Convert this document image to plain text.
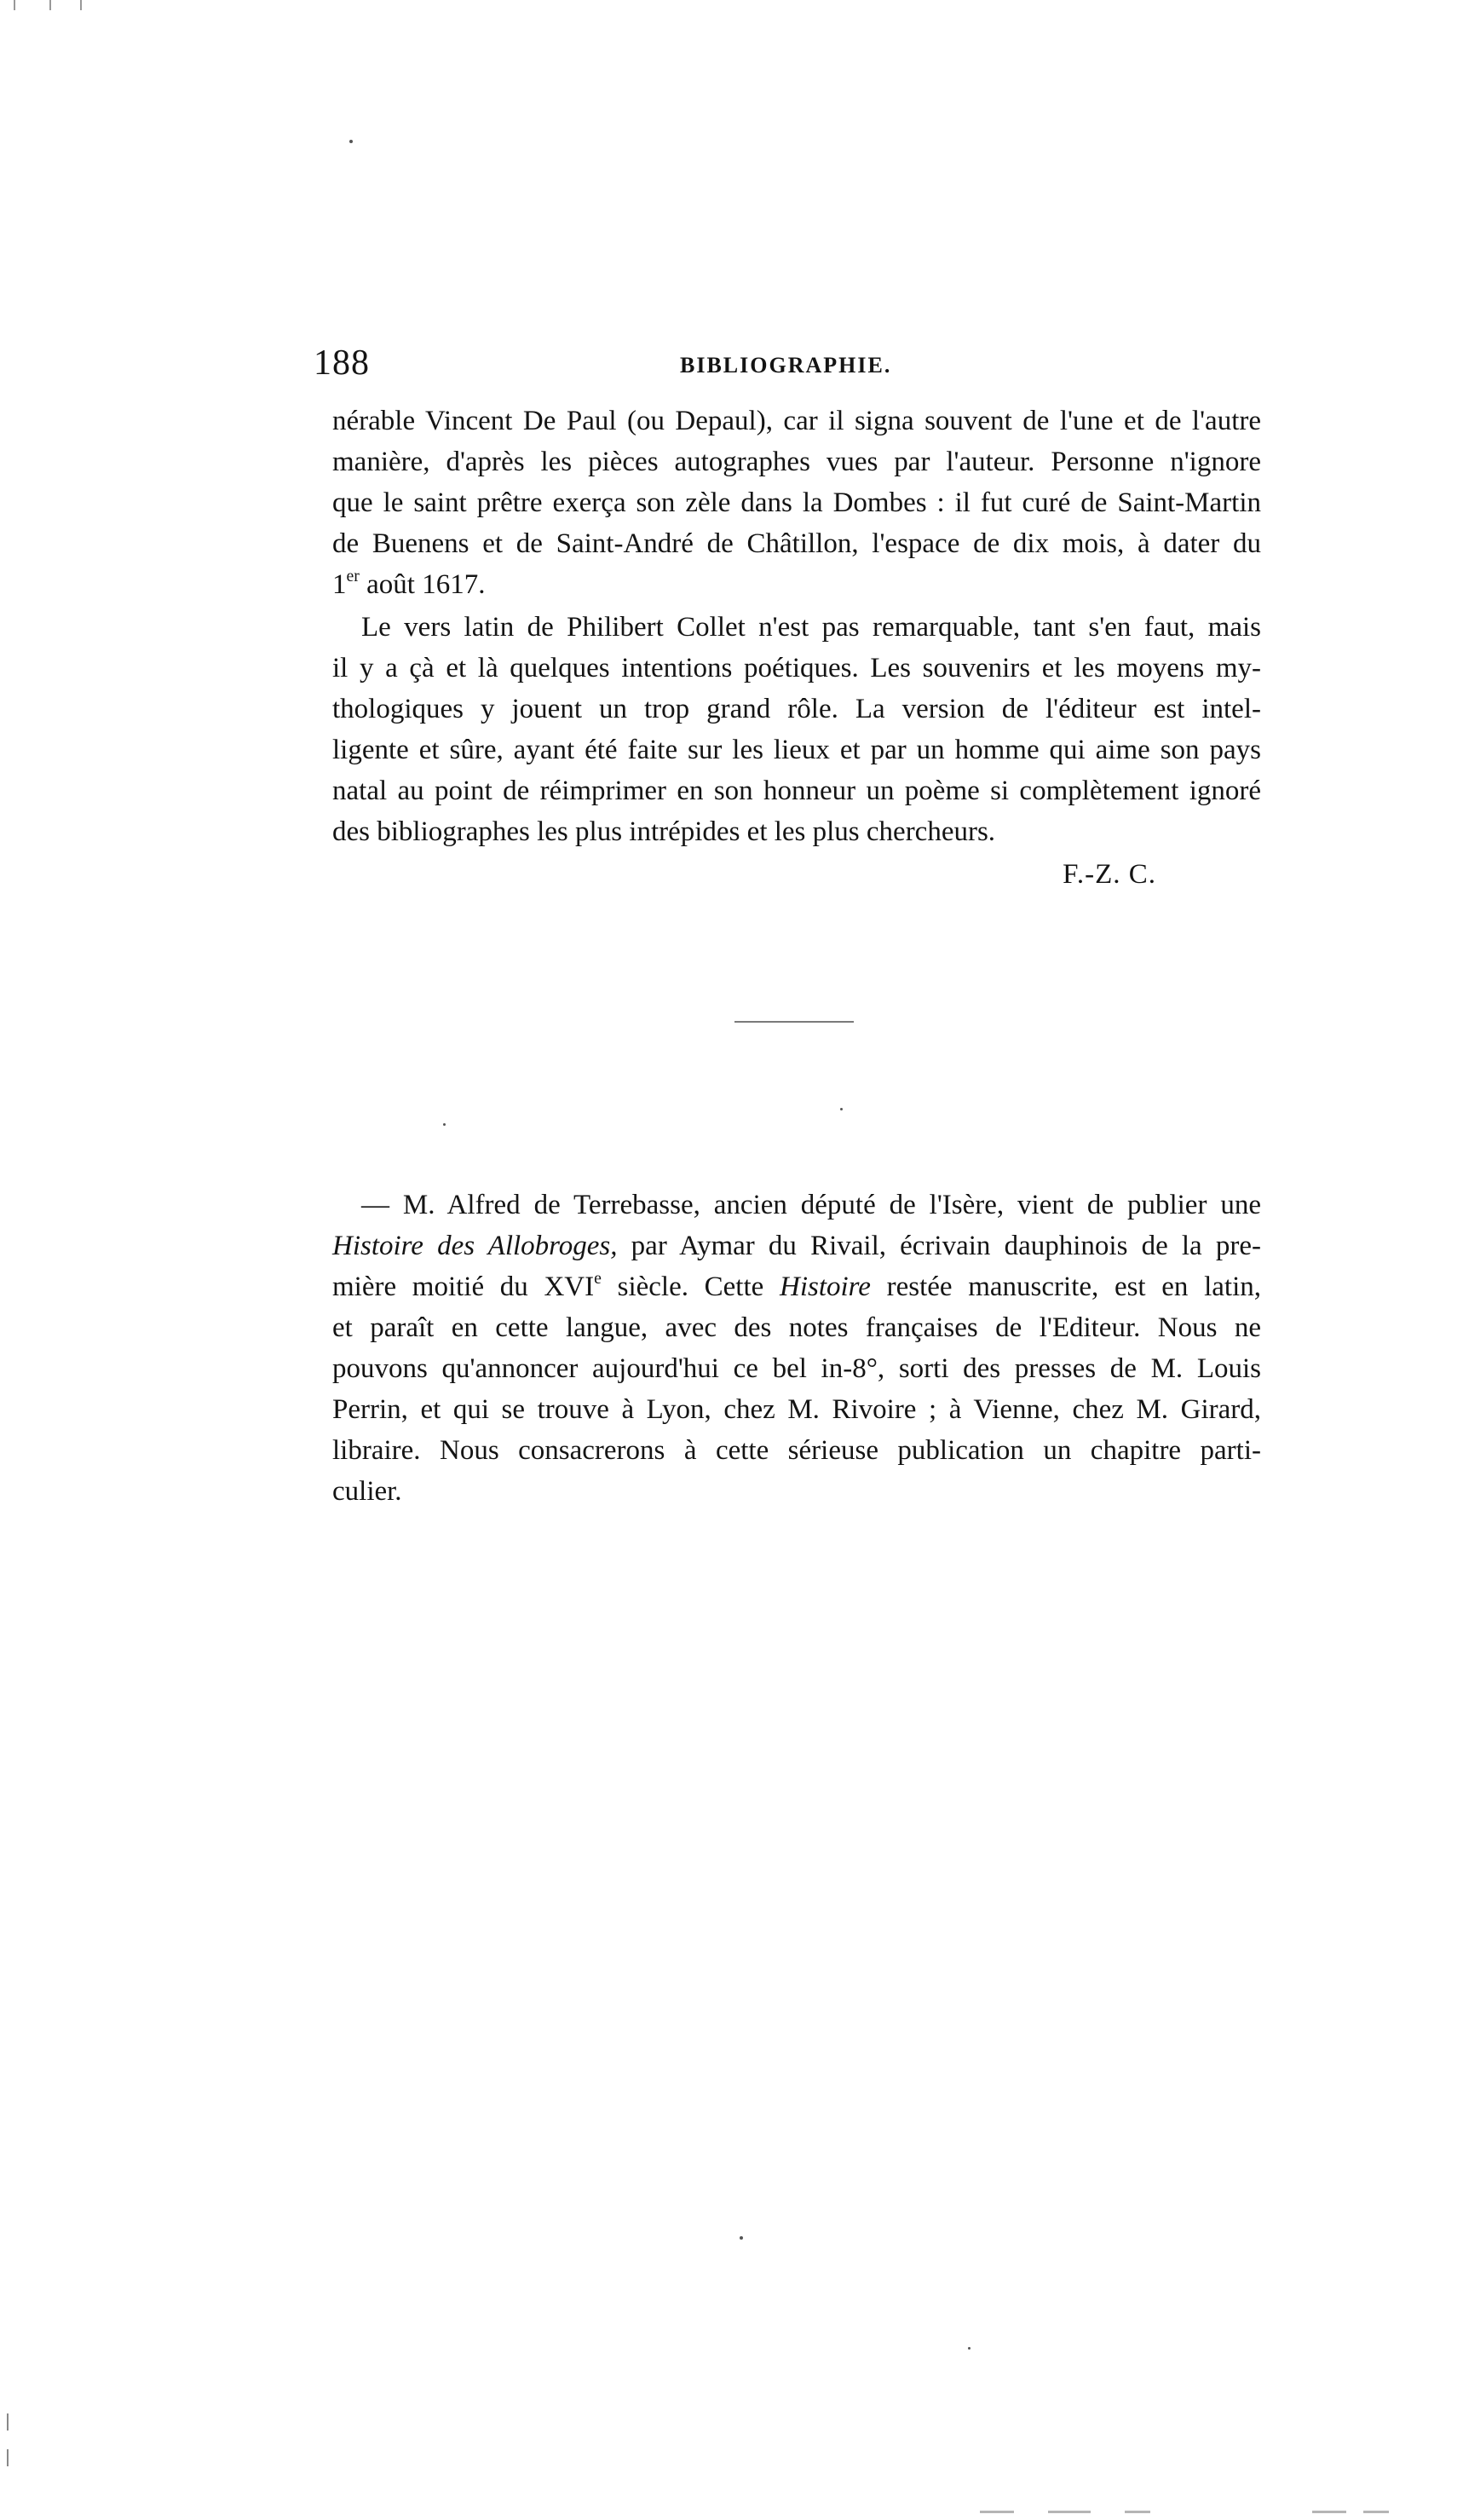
188	BIBLIOGRAPHIE.
nérable Vincent De Paul (ou Depaul), car il signa souvent de l'une et de l'autre
manière, d'après les pièces autographes vues par l'auteur. Personne n'ignore
que le saint prêtre exerça son zèle dans la Dombes : il fut curé de Saint-Martin
de Buenens et de Saint-André de Châtillon, l'espace de dix mois, à dater du
1er août 1617.
Le vers latin de Philibert Collet n'est pas remarquable, tant s'en faut, mais
il y a çà et là quelques intentions poétiques. Les souvenirs et les moyens my-
thologiques y jouent un trop grand rôle. La version de l'éditeur est intel-
ligente et sûre, ayant été faite sur les lieux et par un homme qui aime son pays
natal au point de réimprimer en son honneur un poème si complètement ignoré
des bibliographes les plus intrépides et les plus chercheurs.
F.-Z. C.
— M. Alfred de Terrebasse, ancien député de l'Isère, vient de publier une
Histoire des Allobroges, par Aymar du Rivail, écrivain dauphinois de la pre-
mière moitié du XVIe siècle. Cette Histoire restée manuscrite, est en latin,
et paraît en cette langue, avec des notes françaises de l'Editeur. Nous ne
pouvons qu'annoncer aujourd'hui ce bel in-8°, sorti des presses de M. Louis
Perrin, et qui se trouve à Lyon, chez M. Rivoire ; à Vienne, chez M. Girard,
libraire. Nous consacrerons à cette sérieuse publication un chapitre parti-
culier.
